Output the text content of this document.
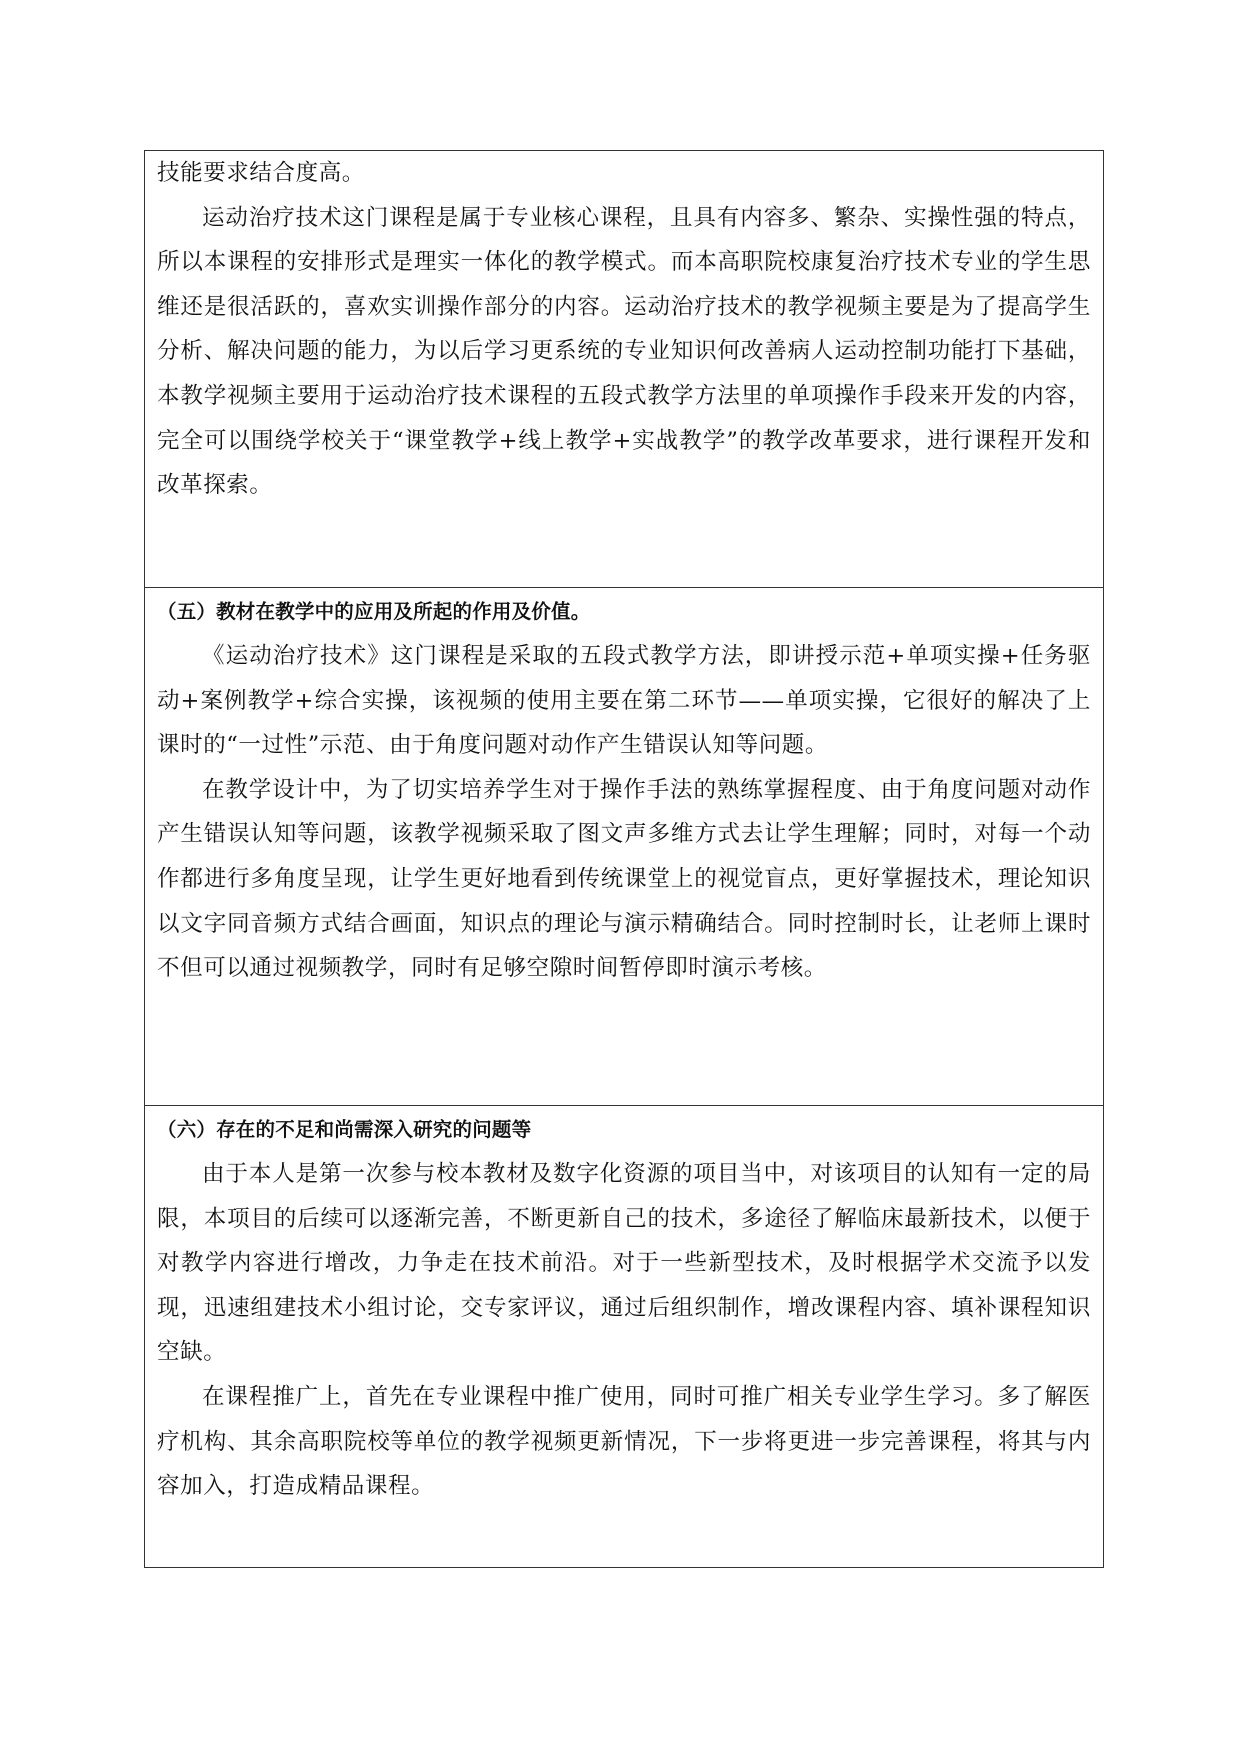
技能要求结合度高。

运动治疗技术这门课程是属于专业核心课程，且具有内容多、繁杂、实操性强的特点，所以本课程的安排形式是理实一体化的教学模式。而本高职院校康复治疗技术专业的学生思维还是很活跃的，喜欢实训操作部分的内容。运动治疗技术的教学视频主要是为了提高学生分析、解决问题的能力，为以后学习更系统的专业知识何改善病人运动控制功能打下基础，本教学视频主要用于运动治疗技术课程的五段式教学方法里的单项操作手段来开发的内容，完全可以围绕学校关于“课堂教学+线上教学+实战教学”的教学改革要求，进行课程开发和改革探索。

（五）教材在教学中的应用及所起的作用及价值。

《运动治疗技术》这门课程是采取的五段式教学方法，即讲授示范+单项实操+任务驱动+案例教学+综合实操，该视频的使用主要在第二环节——单项实操，它很好的解决了上课时的“一过性”示范、由于角度问题对动作产生错误认知等问题。

在教学设计中，为了切实培养学生对于操作手法的熟练掌握程度、由于角度问题对动作产生错误认知等问题，该教学视频采取了图文声多维方式去让学生理解；同时，对每一个动作都进行多角度呈现，让学生更好地看到传统课堂上的视觉盲点，更好掌握技术，理论知识以文字同音频方式结合画面，知识点的理论与演示精确结合。同时控制时长，让老师上课时不但可以通过视频教学，同时有足够空隙时间暂停即时演示考核。

（六）存在的不足和尚需深入研究的问题等

由于本人是第一次参与校本教材及数字化资源的项目当中，对该项目的认知有一定的局限，本项目的后续可以逐渐完善，不断更新自己的技术，多途径了解临床最新技术，以便于对教学内容进行增改，力争走在技术前沿。对于一些新型技术，及时根据学术交流予以发现，迅速组建技术小组讨论，交专家评议，通过后组织制作，增改课程内容、填补课程知识空缺。

在课程推广上，首先在专业课程中推广使用，同时可推广相关专业学生学习。多了解医疗机构、其余高职院校等单位的教学视频更新情况，下一步将更进一步完善课程，将其与内容加入，打造成精品课程。
